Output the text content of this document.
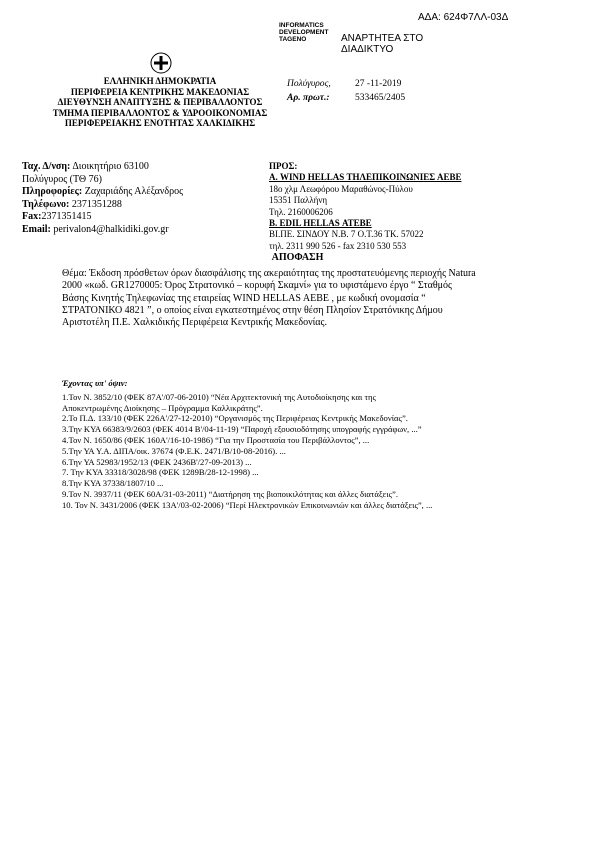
ΑΔΑ: 624Φ7ΛΛ-03Δ
INFORMATICS
DEVELOPMENT
TAGENO	ΑΝΑΡΤΗΤΕΑ ΣΤΟ ΔΙΑΔΙΚΤΥΟ
ΕΛΛΗΝΙΚΗ ΔΗΜΟΚΡΑΤΙΑ
ΠΕΡΙΦΕΡΕΙΑ ΚΕΝΤΡΙΚΗΣ ΜΑΚΕΔΟΝΙΑΣ
ΔΙΕΥΘΥΝΣΗ ΑΝΑΠΤΥΞΗΣ & ΠΕΡΙΒΑΛΛΟΝΤΟΣ
ΤΜΗΜΑ ΠΕΡΙΒΑΛΛΟΝΤΟΣ & ΥΔΡΟΟΙΚΟΝΟΜΙΑΣ
ΠΕΡΙΦΕΡΕΙΑΚΗΣ ΕΝΟΤΗΤΑΣ ΧΑΛΚΙΔΙΚΗΣ
Πολύγυρος,	27 -11-2019
Αρ. πρωτ.:	533465/2405
Ταχ. Δ/νση: Διοικητήριο 63100
Πολύγυρος (ΤΘ 76)
Πληροφορίες: Ζαχαριάδης Αλέξανδρος
Τηλέφωνο: 2371351288
Fax:2371351415
Email: perivalon4@halkidiki.gov.gr
ΠΡΟΣ:
Α. WIND HELLAS ΤΗΛΕΠΙΚΟΙΝΩΝΙΕΣ ΑΕΒΕ
18ο χλμ Λεωφόρου Μαραθώνος-Πύλου
15351 Παλλήνη
Τηλ. 2160006206
Β. EDIL HELLAS ΑΤΕΒΕ
ΒΙ.ΠΕ. ΣΙΝΔΟΥ Ν.Β. 7 Ο.Τ.36 ΤΚ. 57022
τηλ. 2311 990 526 - fax 2310 530 553
ΑΠΟΦΑΣΗ
Θέμα: Έκδοση πρόσθετων όρων διασφάλισης της ακεραιότητας της προστατευόμενης περιοχής Natura
2000 «κωδ. GR1270005: Όρος Στρατονικό – κορυφή Σκαμνί» για το υφιστάμενο έργο “ Σταθμός
Βάσης Κινητής Τηλεφωνίας της εταιρείας WIND HELLAS AEBE , με κωδική ονομασία “
ΣΤΡΑΤΟΝΙΚΟ 4821 ”, ο οποίος είναι εγκατεστημένος στην θέση Πλησίον Στρατόνικης Δήμου
Αριστοτέλη Π.Ε. Χαλκιδικής Περιφέρεια Κεντρικής Μακεδονίας.
Έχοντας υπ' όψιν:

1.Τον Ν. 3852/10 (ΦΕΚ 87Α'/07-06-2010) “Νέα Αρχιτεκτονική της Αυτοδιοίκησης και της

Αποκεντρωμένης Διοίκησης – Πρόγραμμα Καλλικράτης”.

2.Το Π.Δ. 133/10 (ΦΕΚ 226Α'/27-12-2010) “Οργανισμός της Περιφέρειας Κεντρικής Μακεδονίας”.

3.Την ΚΥΑ 66383/9/2603 (ΦΕΚ 4014 Β'/04-11-19) “Παροχή εξουσιοδότησης υπογραφής εγγράφων, ...”

4.Τον Ν. 1650/86 (ΦΕΚ 160Α'/16-10-1986) “Για την Προστασία του Περιβάλλοντος”, ...

5.Την ΥΑ Υ.Α. ΔΙΠΑ/οικ. 37674 (Φ.Ε.Κ. 2471/Β/10-08-2016). ...

6.Την ΥΑ 52983/1952/13 (ΦΕΚ 2436Β'/27-09-2013) ...

7. Την ΚΥΑ 33318/3028/98 (ΦΕΚ 1289Β/28-12-1998) ...

8.Την ΚΥΑ 37338/1807/10 ...

9.Τον Ν. 3937/11 (ΦΕΚ 60Α/31-03-2011) “Διατήρηση της βιοποικιλότητας και άλλες διατάξεις”.

10. Τον Ν. 3431/2006 (ΦΕΚ 13Α'/03-02-2006) “Περί Ηλεκτρονικών Επικοινωνιών και άλλες διατάξεις”, ...
